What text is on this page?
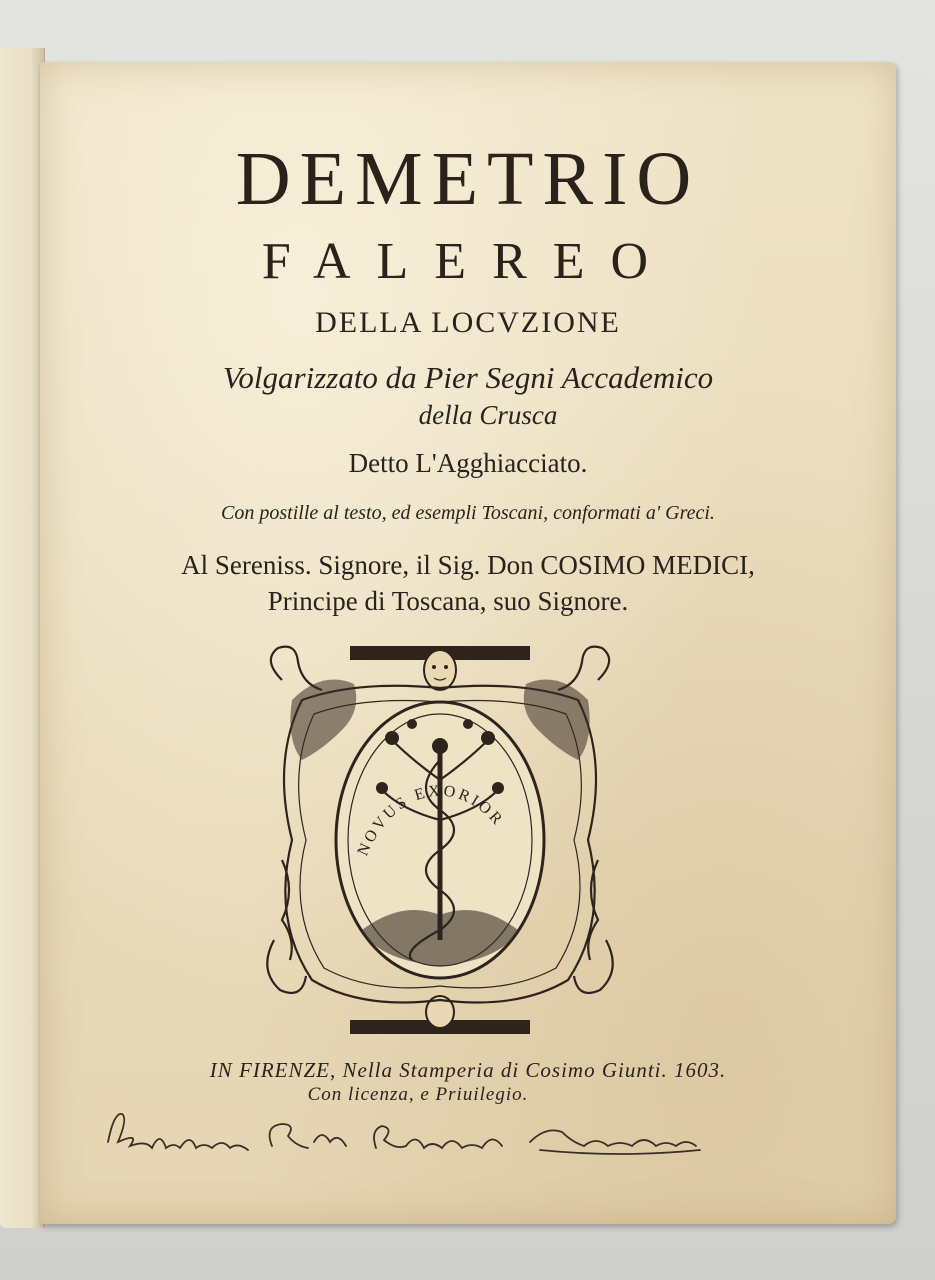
DEMETRIO

FALEREO

DELLA LOCVZIONE

Volgarizzato da Pier Segni Accademico

della Crusca

Detto L'Agghiacciato.

Con postille al testo, ed esempli Toscani, conformati a' Greci.

Al Sereniss. Signore, il Sig. Don COSIMO MEDICI,

Principe di Toscana, suo Signore.

NOVUS EXORIOR

IN FIRENZE, Nella Stamperia di Cosimo Giunti. 1603.

Con licenza, e Priuilegio.
